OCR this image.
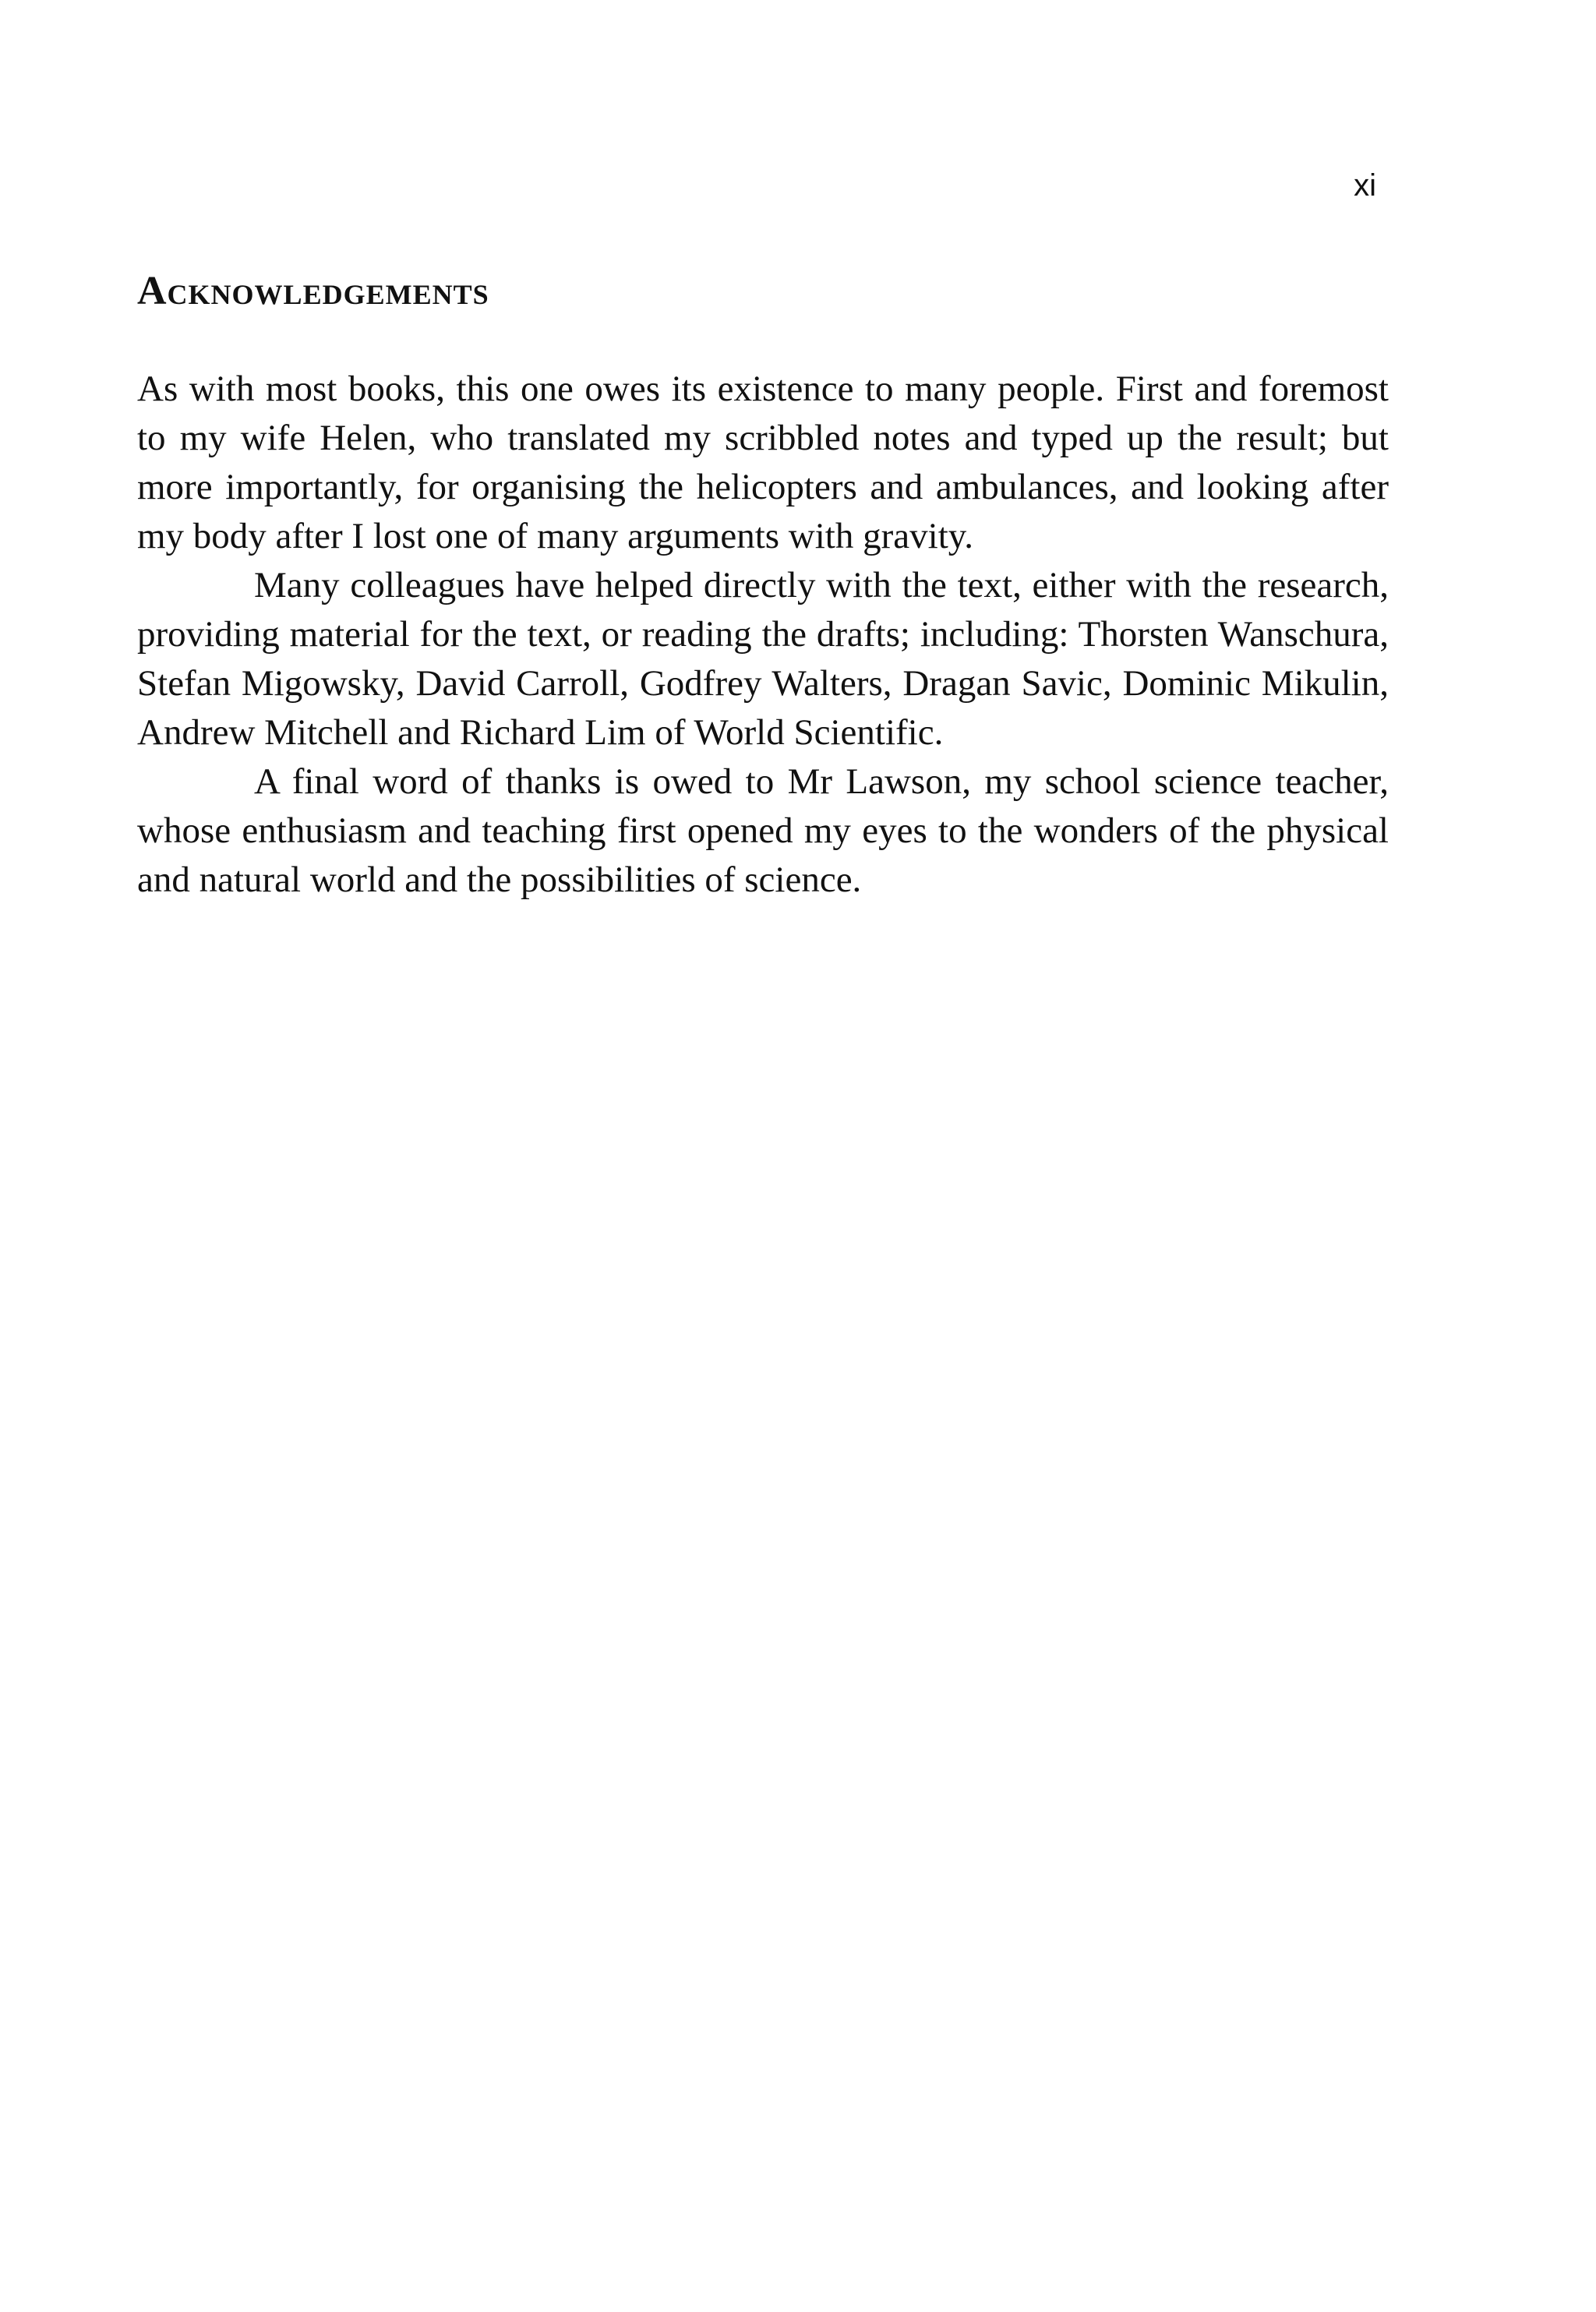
xi
Acknowledgements

As with most books, this one owes its existence to many people. First and foremost to my wife Helen, who translated my scribbled notes and typed up the result; but more importantly, for organising the helicopters and ambulances, and looking after my body after I lost one of many arguments with gravity.

Many colleagues have helped directly with the text, either with the research, providing material for the text, or reading the drafts; including: Thorsten Wanschura, Stefan Migowsky, David Carroll, Godfrey Walters, Dragan Savic, Dominic Mikulin, Andrew Mitchell and Richard Lim of World Scientific.

A final word of thanks is owed to Mr Lawson, my school science teacher, whose enthusiasm and teaching first opened my eyes to the wonders of the physical and natural world and the possibilities of science.
